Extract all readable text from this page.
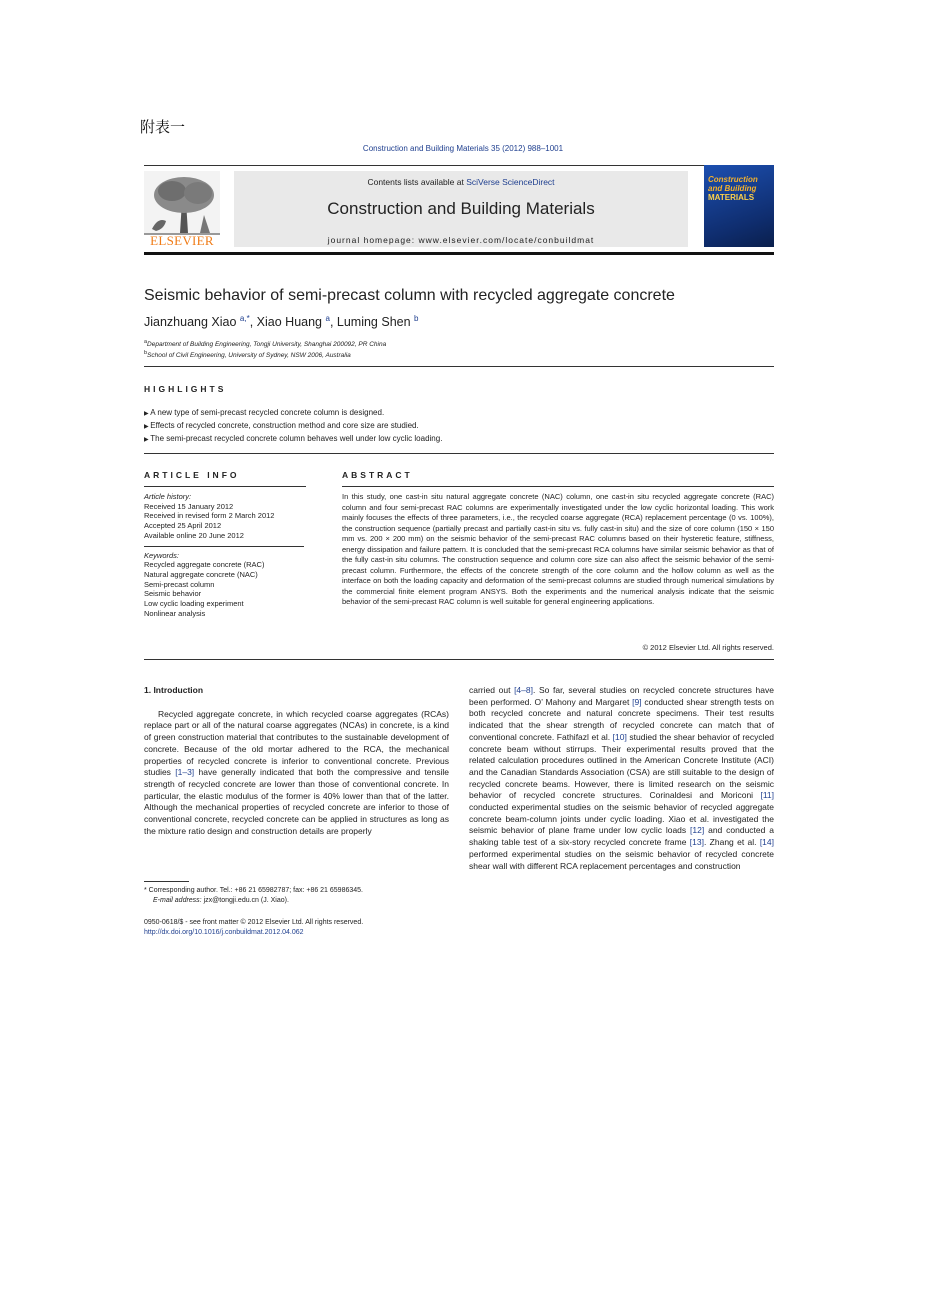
附表一
Construction and Building Materials 35 (2012) 988–1001
ELSEVIER
Contents lists available at SciVerse ScienceDirect
Construction and Building Materials
journal homepage: www.elsevier.com/locate/conbuildmat
Construction
and Building
MATERIALS
Seismic behavior of semi-precast column with recycled aggregate concrete
Jianzhuang Xiao $^{a,*}$, Xiao Huang $^a$, Luming Shen $^b$
$^a$Department of Building Engineering, Tongji University, Shanghai 200092, PR China
$^b$School of Civil Engineering, University of Sydney, NSW 2006, Australia
HIGHLIGHTS
▶ A new type of semi-precast recycled concrete column is designed.
▶ Effects of recycled concrete, construction method and core size are studied.
▶ The semi-precast recycled concrete column behaves well under low cyclic loading.
ARTICLE INFO	ABSTRACT
Article history:
Received 15 January 2012
Received in revised form 2 March 2012
Accepted 25 April 2012
Available online 20 June 2012
Keywords:
Recycled aggregate concrete (RAC)
Natural aggregate concrete (NAC)
Semi-precast column
Seismic behavior
Low cyclic loading experiment
Nonlinear analysis
In this study, one cast-in situ natural aggregate concrete (NAC) column, one cast-in situ recycled aggregate concrete (RAC) column and four semi-precast RAC columns are experimentally investigated under the low cyclic horizontal loading. This work mainly focuses the effects of three parameters, i.e., the recycled coarse aggregate (RCA) replacement percentage (0 vs. 100%), the construction sequence (partially precast and partially cast-in situ vs. fully cast-in situ) and the size of core column (150 × 150 mm vs. 200 × 200 mm) on the seismic behavior of the semi-precast RAC columns based on their hysteretic feature, stiffness, energy dissipation and failure pattern. It is concluded that the semi-precast RCA columns have similar seismic behavior as that of the fully cast-in situ columns. The construction sequence and column core size can also affect the seismic behavior of the semi-precast column. Furthermore, the effects of the concrete strength of the core column and the hollow column as well as the interface on both the loading capacity and deformation of the semi-precast columns are studied through numerical simulations by the commercial finite element program ANSYS. Both the experiments and the numerical analysis indicate that the seismic behavior of the semi-precast RAC column is well suitable for general engineering applications.
© 2012 Elsevier Ltd. All rights reserved.
1. Introduction

Recycled aggregate concrete, in which recycled coarse aggregates (RCAs) replace part or all of the natural coarse aggregates (NCAs) in concrete, is a kind of green construction material that contributes to the sustainable development of concrete. Because of the old mortar adhered to the RCA, the mechanical properties of recycled concrete is inferior to conventional concrete. Previous studies [1–3] have generally indicated that both the compressive and tensile strength of recycled concrete are lower than those of conventional concrete. In particular, the elastic modulus of the former is 40% lower than that of the latter. Although the mechanical properties of recycled concrete are inferior to those of conventional concrete, recycled concrete can be applied in structures as long as the mixture ratio design and construction details are properly

carried out [4–8]. So far, several studies on recycled concrete structures have been performed. O’ Mahony and Margaret [9] conducted shear strength tests on both recycled concrete and natural concrete specimens. Their test results indicated that the shear strength of recycled concrete can match that of conventional concrete. Fathifazl et al. [10] studied the shear behavior of recycled concrete beam without stirrups. Their experimental results proved that the related calculation procedures outlined in the American Concrete Institute (ACI) and the Canadian Standards Association (CSA) are still suitable to the design of recycled concrete beams. However, there is limited research on the seismic behavior of recycled concrete structures. Corinaldesi and Moriconi [11] conducted experimental studies on the seismic behavior of recycled aggregate concrete beam-column joints under cyclic loading. Xiao et al. investigated the seismic behavior of plane frame under low cyclic loads [12] and conducted a shaking table test of a six-story recycled concrete frame [13]. Zhang et al. [14] performed experimental studies on the seismic behavior of recycled concrete shear wall with different RCA replacement percentages and construction

* Corresponding author. Tel.: +86 21 65982787; fax: +86 21 65986345.
E-mail address: jzx@tongji.edu.cn (J. Xiao).
0950-0618/$ - see front matter © 2012 Elsevier Ltd. All rights reserved.
http://dx.doi.org/10.1016/j.conbuildmat.2012.04.062
